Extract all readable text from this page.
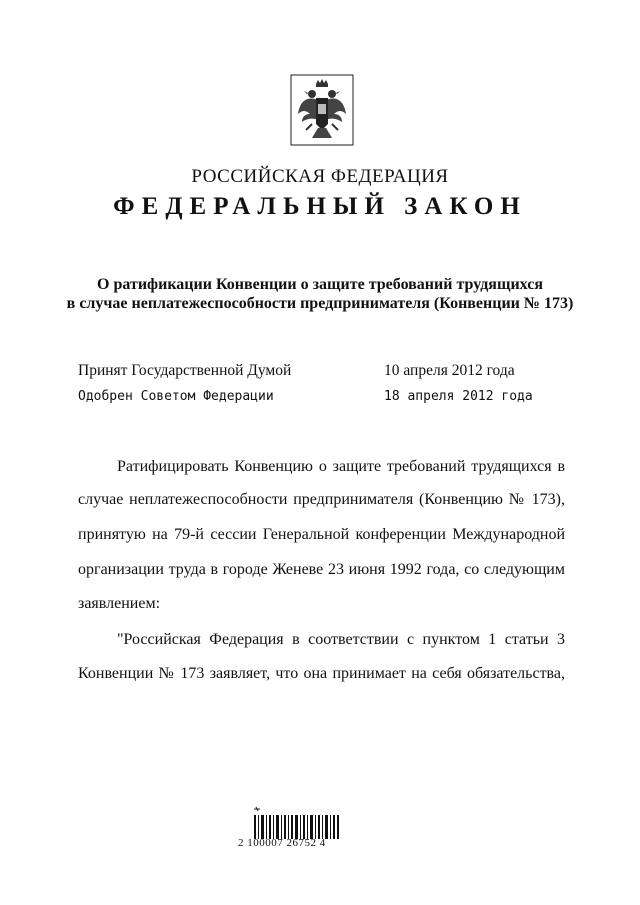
РОССИЙСКАЯ ФЕДЕРАЦИЯ
ФЕДЕРАЛЬНЫЙ ЗАКОН
О ратификации Конвенции о защите требований трудящихся
в случае неплатежеспособности предпринимателя (Конвенции № 173)
Принят Государственной Думой	10 апреля 2012 года
Одобрен Советом Федерации	18 апреля 2012 года
Ратифицировать Конвенцию о защите требований трудящихся в
случае неплатежеспособности предпринимателя (Конвенцию № 173),
принятую на 79-й сессии Генеральной конференции Международной
организации труда в городе Женеве 23 июня 1992 года, со следующим
заявлением:
"Российская Федерация в соответствии с пунктом 1 статьи 3
Конвенции № 173 заявляет, что она принимает на себя обязательства,
2 100007 26752 4
